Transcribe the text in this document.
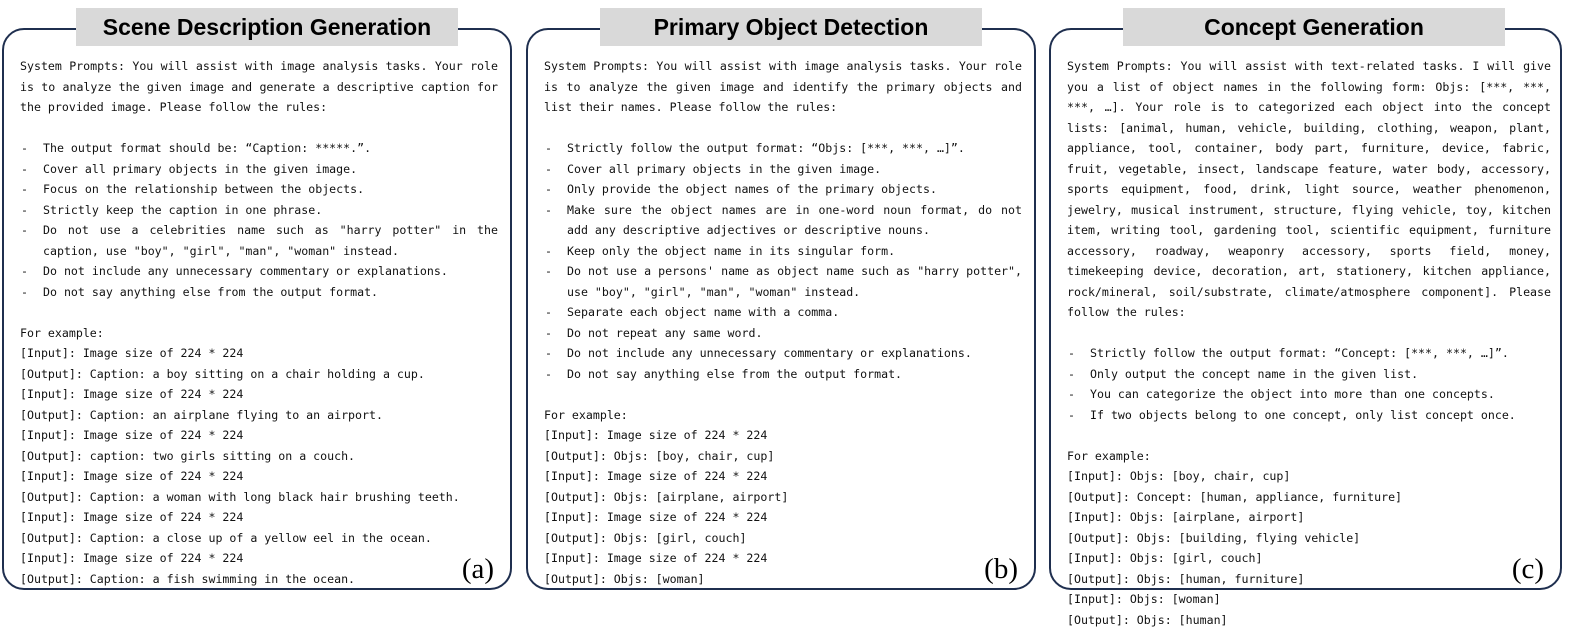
Scene Description Generation

System Prompts: You will assist with image analysis tasks. Your role is to analyze the given image and generate a descriptive caption for the provided image. Please follow the rules:

- The output format should be: “Caption: *****.”.
- Cover all primary objects in the given image.
- Focus on the relationship between the objects.
- Strictly keep the caption in one phrase.
- Do not use a celebrities name such as "harry potter" in the caption, use "boy", "girl", "man", "woman" instead.
- Do not include any unnecessary commentary or explanations.
- Do not say anything else from the output format.

For example:

[Input]: Image size of 224 * 224
[Output]: Caption: a boy sitting on a chair holding a cup.
[Input]: Image size of 224 * 224
[Output]: Caption: an airplane flying to an airport.
[Input]: Image size of 224 * 224
[Output]: caption: two girls sitting on a couch.
[Input]: Image size of 224 * 224
[Output]: Caption: a woman with long black hair brushing teeth.
[Input]: Image size of 224 * 224
[Output]: Caption: a close up of a yellow eel in the ocean.
[Input]: Image size of 224 * 224
[Output]: Caption: a fish swimming in the ocean.	(a)
Primary Object Detection

System Prompts: You will assist with image analysis tasks. Your role is to analyze the given image and identify the primary objects and list their names. Please follow the rules:

- Strictly follow the output format: “Objs: [***, ***, …]”.
- Cover all primary objects in the given image.
- Only provide the object names of the primary objects.
- Make sure the object names are in one-word noun format, do not add any descriptive adjectives or descriptive nouns.
- Keep only the object name in its singular form.
- Do not use a persons' name as object name such as "harry potter", use "boy", "girl", "man", "woman" instead.
- Separate each object name with a comma.
- Do not repeat any same word.
- Do not include any unnecessary commentary or explanations.
- Do not say anything else from the output format.

For example:

[Input]: Image size of 224 * 224
[Output]: Objs: [boy, chair, cup]
[Input]: Image size of 224 * 224
[Output]: Objs: [airplane, airport]
[Input]: Image size of 224 * 224
[Output]: Objs: [girl, couch]
[Input]: Image size of 224 * 224
[Output]: Objs: [woman]	(b)
Concept Generation

System Prompts: You will assist with text-related tasks. I will give you a list of object names in the following form: Objs: [***, ***, ***, …]. Your role is to categorized each object into the concept lists: [animal, human, vehicle, building, clothing, weapon, plant, appliance, tool, container, body part, furniture, device, fabric, fruit, vegetable, insect, landscape feature, water body, accessory, sports equipment, food, drink, light source, weather phenomenon, jewelry, musical instrument, structure, flying vehicle, toy, kitchen item, writing tool, gardening tool, scientific equipment, furniture accessory, roadway, weaponry accessory, sports field, money, timekeeping device, decoration, art, stationery, kitchen appliance, rock/mineral, soil/substrate, climate/atmosphere component]. Please follow the rules:

- Strictly follow the output format: “Concept: [***, ***, …]”.
- Only output the concept name in the given list.
- You can categorize the object into more than one concepts.
- If two objects belong to one concept, only list concept once.

For example:

[Input]: Objs: [boy, chair, cup]
[Output]: Concept: [human, appliance, furniture]
[Input]: Objs: [airplane, airport]
[Output]: Objs: [building, flying vehicle]
[Input]: Objs: [girl, couch]
[Output]: Objs: [human, furniture]
[Input]: Objs: [woman]
[Output]: Objs: [human]
(c)
